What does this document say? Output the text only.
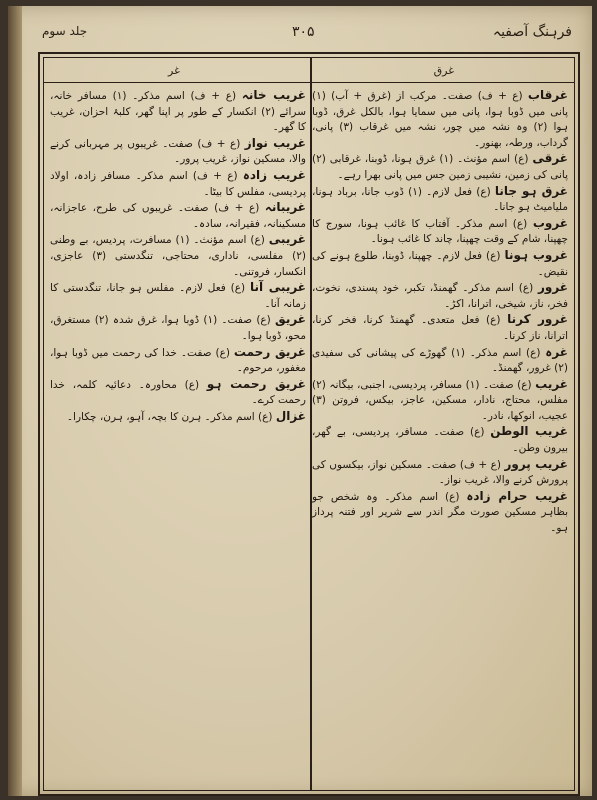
فرہنگ آصفیہ
۳۰۵
جلد سوم
غرق
غر

غرقاب (ع + ف) صفت۔ مرکب از (غرق + آب) (۱) پانی میں ڈوبا ہوا، پانی میں سمایا ہوا، بالکل غرق، ڈوبا ہوا (۲) وہ نشہ میں چور، نشہ میں غرقاب (۳) پانی، گرداب، ورطہ، بھنور۔

غرقی (ع) اسم مؤنث۔ (۱) غرق ہونا، ڈوبنا، غرقابی (۲) پانی کی زمین، نشیبی زمین جس میں پانی بھرا رہے۔

غرق ہو جانا (ع) فعل لازم۔ (۱) ڈوب جانا، برباد ہونا، ملیامیٹ ہو جانا۔

غروب (ع) اسم مذکر۔ آفتاب کا غائب ہونا، سورج کا چھپنا، شام کے وقت چھپنا، چاند کا غائب ہونا۔

غروب ہونا (ع) فعل لازم۔ چھپنا، ڈوبنا، طلوع ہونے کی نقیض۔

غرور (ع) اسم مذکر۔ گھمنڈ، تکبر، خود پسندی، نخوت، فخر، ناز، شیخی، اترانا، اکڑ۔

غرور کرنا (ع) فعل متعدی۔ گھمنڈ کرنا، فخر کرنا، اترانا، ناز کرنا۔

غرہ (ع) اسم مذکر۔ (۱) گھوڑے کی پیشانی کی سفیدی (۲) غرور، گھمنڈ۔

غریب (ع) صفت۔ (۱) مسافر، پردیسی، اجنبی، بیگانہ (۲) مفلس، محتاج، نادار، مسکین، عاجز، بیکس، فروتن (۳) عجیب، انوکھا، نادر۔

غریب الوطن (ع) صفت۔ مسافر، پردیسی، بے گھر، بیرون وطن۔

غریب پرور (ع + ف) صفت۔ مسکین نواز، بیکسوں کی پرورش کرنے والا، غریب نواز۔

غریب حرام زادہ (ع) اسم مذکر۔ وہ شخص جو بظاہر مسکین صورت مگر اندر سے شریر اور فتنہ پرداز ہو۔

غریب خانہ (ع + ف) اسم مذکر۔ (۱) مسافر خانہ، سرائے (۲) انکسار کے طور پر اپنا گھر، کلبۂ احزان، غریب کا گھر۔

غریب نواز (ع + ف) صفت۔ غریبوں پر مہربانی کرنے والا، مسکین نواز، غریب پرور۔

غریب زادہ (ع + ف) اسم مذکر۔ مسافر زادہ، اولاد پردیسی، مفلس کا بیٹا۔

غریبانہ (ع + ف) صفت۔ غریبوں کی طرح، عاجزانہ، مسکینانہ، فقیرانہ، سادہ۔

غریبی (ع) اسم مؤنث۔ (۱) مسافرت، پردیس، بے وطنی (۲) مفلسی، ناداری، محتاجی، تنگدستی (۳) عاجزی، انکسار، فروتنی۔

غریبی آنا (ع) فعل لازم۔ مفلس ہو جانا، تنگدستی کا زمانہ آنا۔

غریق (ع) صفت۔ (۱) ڈوبا ہوا، غرق شدہ (۲) مستغرق، محو، ڈوبا ہوا۔

غریق رحمت (ع) صفت۔ خدا کی رحمت میں ڈوبا ہوا، مغفور، مرحوم۔

غریق رحمت ہو (ع) محاورہ۔ دعائیہ کلمہ، خدا رحمت کرے۔

غزال (ع) اسم مذکر۔ ہرن کا بچہ، آہو، ہرن، چکارا۔
